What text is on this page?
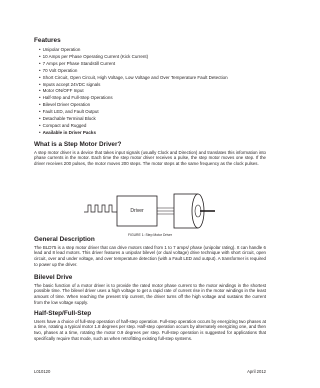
Features
• Unipolar Operation
• 10 Amps per Phase Operating Current (Kick Current)
• 7 Amps per Phase Standstill Current
• 70 Volt Operation
• Short Circuit, Open Circuit, High Voltage, Low Voltage and Over Temperature Fault Detection
• Inputs accept 24VDC signals
• Motor ON/OFF Input
• Half-Step and Full-Step Operations
• Bilevel Driver Operation
• Fault LED, and Fault Output
• Detachable Terminal Block
• Compact and Rugged
• Available in Driver Packs
What is a Step Motor Driver?

A step motor driver is a device that takes input signals (usually Clock and Direction) and translates this information into phase currents in the motor. Each time the step motor driver receives a pulse, the step motor moves one step. If the driver receives 200 pulses, the motor moves 200 steps. The motor steps at the same frequency as the clock pulses.

Driver
FIGURE 1: Step Motor Driver
General Description

The BLD75 is a step motor driver that can drive motors rated from 1 to 7 amps/ phase (unipolar rating). It can handle 6 lead and 8 lead motors. This driver features a unipolar bilevel (or dual voltage) drive technique with short circuit, open circuit, over and under voltage, and over temperature detection (with a Fault LED and output). A transformer is required to power up the driver.

Bilevel Drive

The basic function of a motor driver is to provide the rated motor phase current to the motor windings in the shortest possible time. The bilevel driver uses a high voltage to get a rapid rate of current rise in the motor windings in the least amount of time. When reaching the present trip current, the driver turns off the high voltage and sustains the current from the low voltage supply.

Half-Step/Full-Step

Users have a choice of full-step operation of half-step operation. Full-step operation occurs by energizing two phases at a time, rotating a typical motor 1.8 degrees per step. Half-step operation occurs by alternately energizing one, and then two, phases at a time, rotating the motor 0.9 degrees per step. Full-step operation is suggested for applications that specifically require that mode, such as when retrofitting existing full-step systems.

L010120	April 2012
